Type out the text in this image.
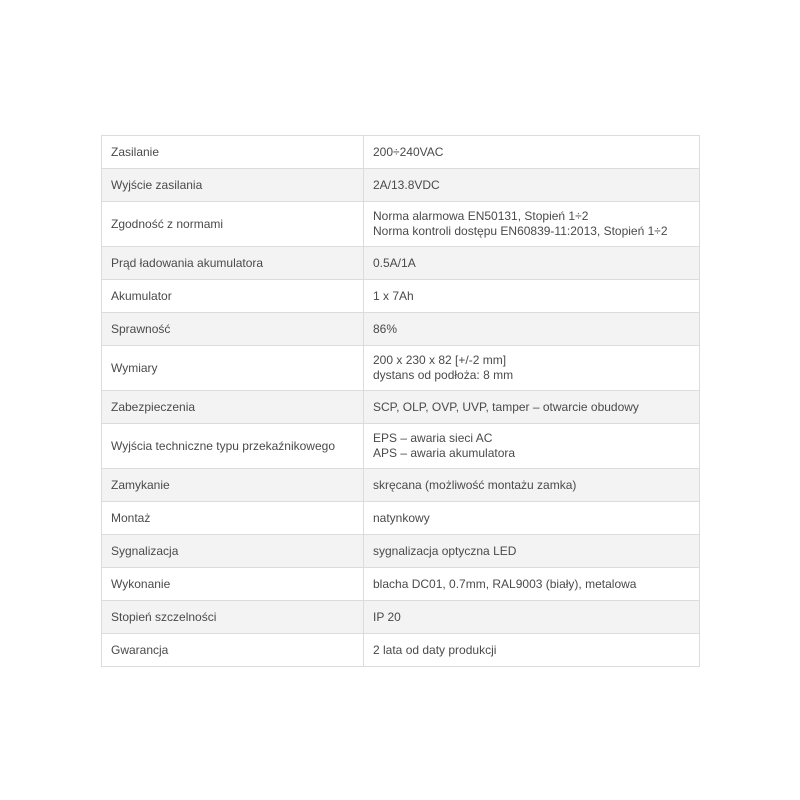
Zasilanie	200÷240VAC

Wyjście zasilania	2A/13.8VDC

Zgodność z normami	Norma alarmowa EN50131, Stopień 1÷2
Norma kontroli dostępu EN60839-11:2013, Stopień 1÷2

Prąd ładowania akumulatora	0.5A/1A

Akumulator	1 x 7Ah

Sprawność	86%

Wymiary	200 x 230 x 82 [+/-2 mm]
dystans od podłoża: 8 mm

Zabezpieczenia	SCP, OLP, OVP, UVP, tamper – otwarcie obudowy

Wyjścia techniczne typu przekaźnikowego	EPS – awaria sieci AC
APS – awaria akumulatora

Zamykanie	skręcana (możliwość montażu zamka)

Montaż	natynkowy

Sygnalizacja	sygnalizacja optyczna LED

Wykonanie	blacha DC01, 0.7mm, RAL9003 (biały), metalowa

Stopień szczelności	IP 20

Gwarancja	2 lata od daty produkcji
